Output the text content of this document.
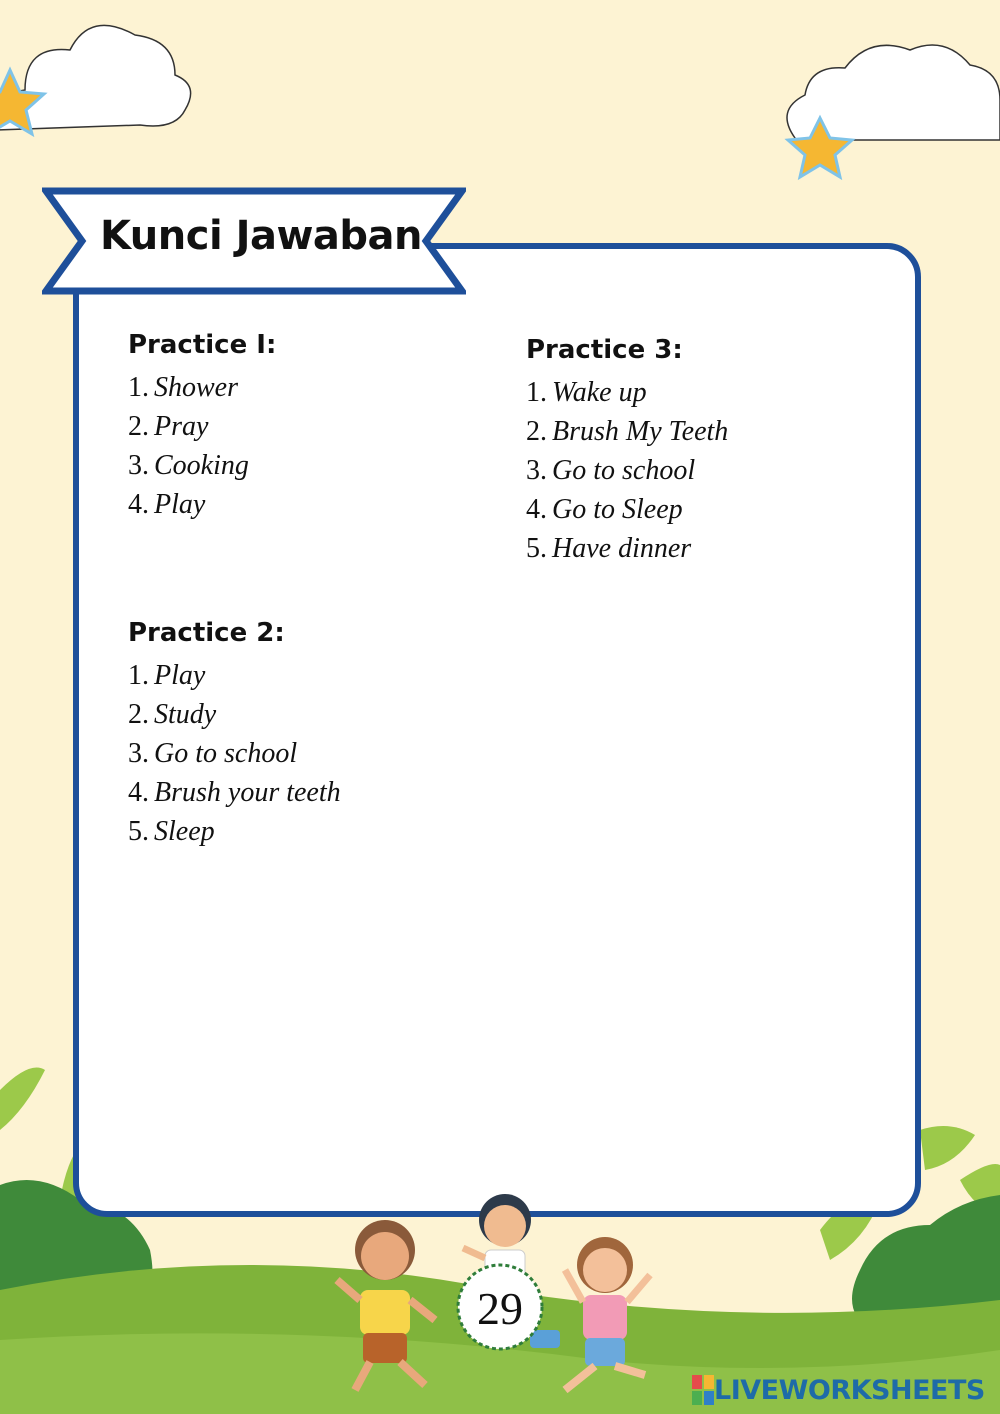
Kunci Jawaban
Practice I:
1. Shower
2. Pray
3. Cooking
4. Play
Practice 3:
1. Wake up
2. Brush My Teeth
3. Go to school
4. Go to Sleep
5. Have dinner
Practice 2:
1. Play
2. Study
3. Go to school
4. Brush your teeth
5. Sleep
29
LIVEWORKSHEETS
